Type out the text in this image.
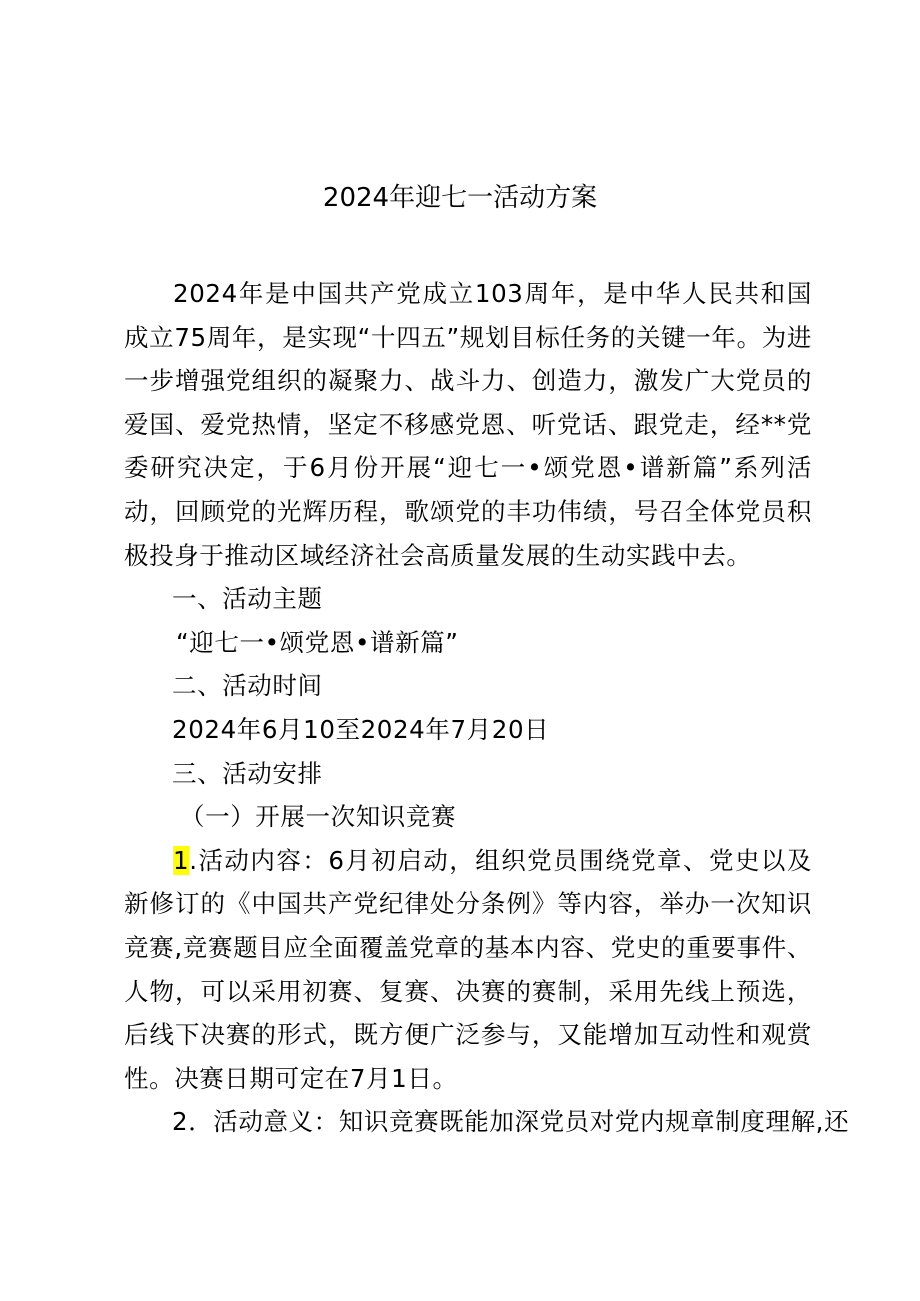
2024年迎七一活动方案

2024年是中国共产党成立103周年，是中华人民共和国成立75周年，是实现“十四五”规划目标任务的关键一年。为进一步增强党组织的凝聚力、战斗力、创造力，激发广大党员的爱国、爱党热情，坚定不移感党恩、听党话、跟党走，经**党委研究决定，于6月份开展“迎七一•颂党恩•谱新篇”系列活动，回顾党的光辉历程，歌颂党的丰功伟绩，号召全体党员积极投身于推动区域经济社会高质量发展的生动实践中去。

一、活动主题

“迎七一•颂党恩•谱新篇”

二、活动时间

2024年6月10至2024年7月20日

三、活动安排

（一）开展一次知识竞赛

1.活动内容：6月初启动，组织党员围绕党章、党史以及新修订的《中国共产党纪律处分条例》等内容，举办一次知识竞赛,竞赛题目应全面覆盖党章的基本内容、党史的重要事件、人物，可以采用初赛、复赛、决赛的赛制，采用先线上预选，后线下决赛的形式，既方便广泛参与，又能增加互动性和观赏性。决赛日期可定在7月1日。

2．活动意义：知识竞赛既能加深党员对党内规章制度理解,还
